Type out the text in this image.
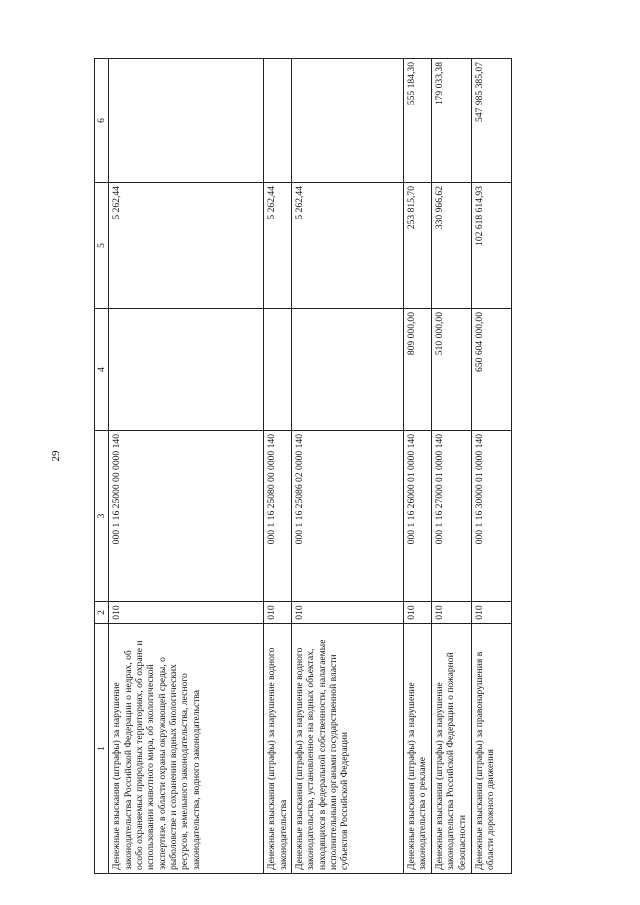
29
1	2	3	4	5	6
Денежные взыскания (штрафы) за нарушение законодательства Российской Федерации о недрах, об особо охраняемых природных территориях, об охране и использовании животного мира, об экологической экспертизе, в области охраны окружающей среды, о рыболовстве и сохранении водных биологических ресурсов, земельного законодательства, лесного законодательства, водного законодательства	010	000 1 16 25000 00 0000 140		5 262,44	
Денежные взыскания (штрафы) за нарушение водного законодательства	010	000 1 16 25080 00 0000 140		5 262,44	
Денежные взыскания (штрафы) за нарушение водного законодательства, установленное на водных объектах, находящихся в федеральной собственности, налагаемые исполнительными органами государственной власти субъектов Российской Федерации	010	000 1 16 25086 02 0000 140		5 262,44	
Денежные взыскания (штрафы) за нарушение законодательства о рекламе	010	000 1 16 26000 01 0000 140	809 000,00	253 815,70	555 184,30
Денежные взыскания (штрафы) за нарушение законодательства Российской Федерации о пожарной безопасности	010	000 1 16 27000 01 0000 140	510 000,00	330 966,62	179 033,38
Денежные взыскания (штрафы) за правонарушения в области дорожного движения	010	000 1 16 30000 01 0000 140	650 604 000,00	102 618 614,93	547 985 385,07
